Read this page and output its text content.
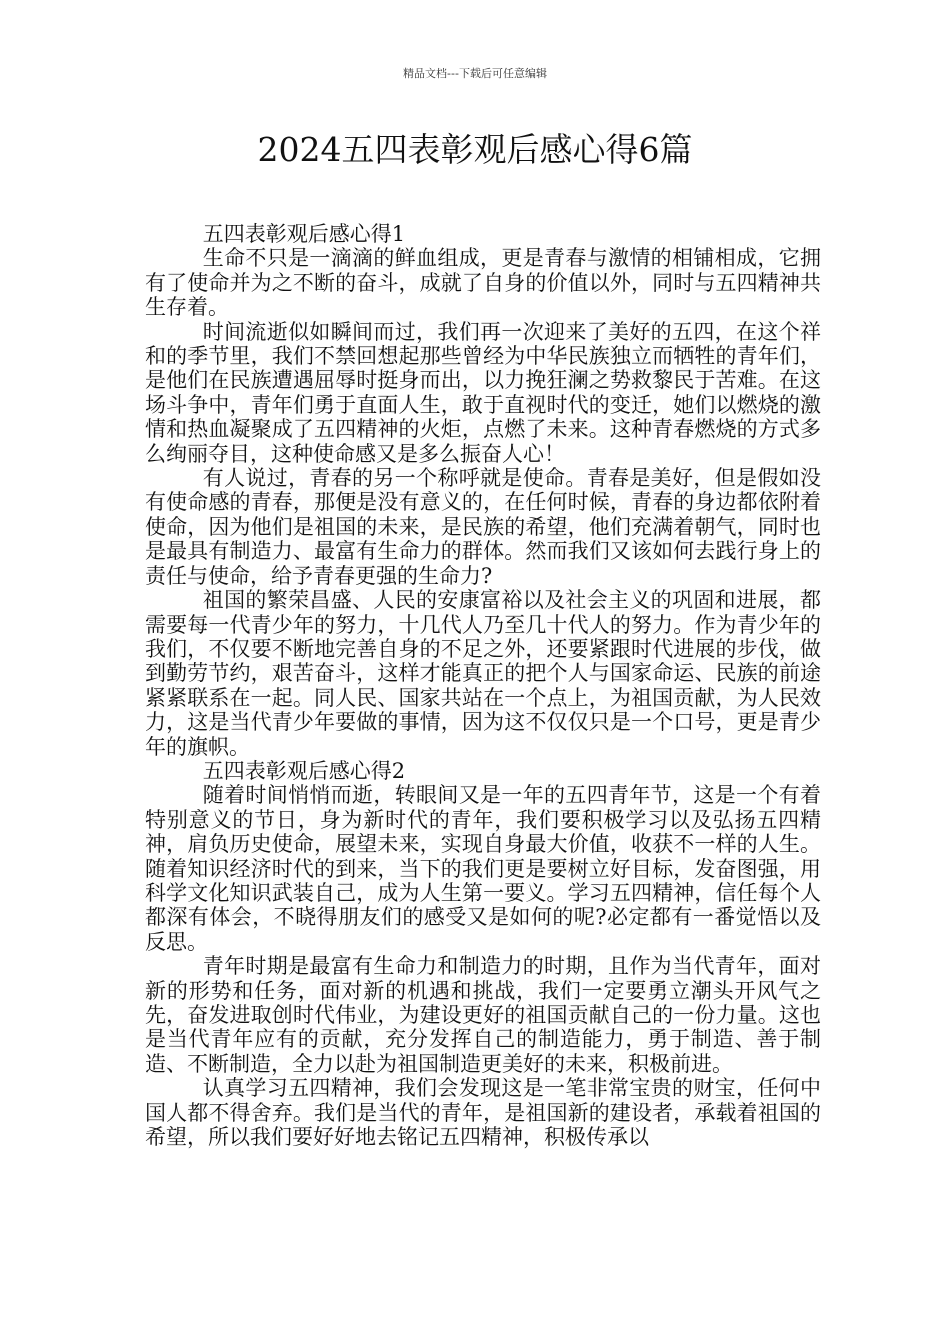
精品文档---下载后可任意编辑
2024五四表彰观后感心得6篇

五四表彰观后感心得1

生命不只是一滴滴的鲜血组成，更是青春与激情的相铺相成，它拥有了使命并为之不断的奋斗，成就了自身的价值以外，同时与五四精神共生存着。

时间流逝似如瞬间而过，我们再一次迎来了美好的五四，在这个祥和的季节里，我们不禁回想起那些曾经为中华民族独立而牺牲的青年们，是他们在民族遭遇屈辱时挺身而出，以力挽狂澜之势救黎民于苦难。在这场斗争中，青年们勇于直面人生，敢于直视时代的变迁，她们以燃烧的激情和热血凝聚成了五四精神的火炬，点燃了未来。这种青春燃烧的方式多么绚丽夺目，这种使命感又是多么振奋人心！

有人说过，青春的另一个称呼就是使命。青春是美好，但是假如没有使命感的青春，那便是没有意义的，在任何时候，青春的身边都依附着使命，因为他们是祖国的未来，是民族的希望，他们充满着朝气，同时也是最具有制造力、最富有生命力的群体。然而我们又该如何去践行身上的责任与使命，给予青春更强的生命力?

祖国的繁荣昌盛、人民的安康富裕以及社会主义的巩固和进展，都需要每一代青少年的努力，十几代人乃至几十代人的努力。作为青少年的我们，不仅要不断地完善自身的不足之外，还要紧跟时代进展的步伐，做到勤劳节约，艰苦奋斗，这样才能真正的把个人与国家命运、民族的前途紧紧联系在一起。同人民、国家共站在一个点上，为祖国贡献，为人民效力，这是当代青少年要做的事情，因为这不仅仅只是一个口号，更是青少年的旗帜。

五四表彰观后感心得2

随着时间悄悄而逝，转眼间又是一年的五四青年节，这是一个有着特别意义的节日，身为新时代的青年，我们要积极学习以及弘扬五四精神，肩负历史使命，展望未来，实现自身最大价值，收获不一样的人生。随着知识经济时代的到来，当下的我们更是要树立好目标，发奋图强，用科学文化知识武装自己，成为人生第一要义。学习五四精神，信任每个人都深有体会，不晓得朋友们的感受又是如何的呢?必定都有一番觉悟以及反思。

青年时期是最富有生命力和制造力的时期，且作为当代青年，面对新的形势和任务，面对新的机遇和挑战，我们一定要勇立潮头开风气之先，奋发进取创时代伟业，为建设更好的祖国贡献自己的一份力量。这也是当代青年应有的贡献，充分发挥自己的制造能力，勇于制造、善于制造、不断制造，全力以赴为祖国制造更美好的未来，积极前进。

认真学习五四精神，我们会发现这是一笔非常宝贵的财宝，任何中国人都不得舍弃。我们是当代的青年，是祖国新的建设者，承载着祖国的希望，所以我们要好好地去铭记五四精神，积极传承以
